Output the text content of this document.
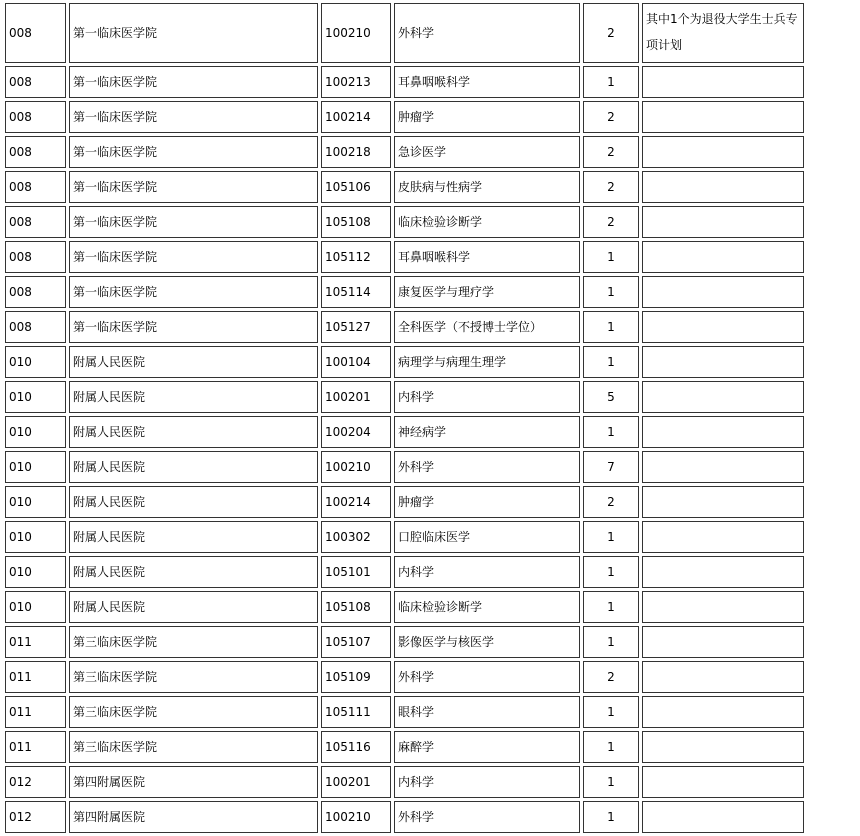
008	第一临床医学院	100210	外科学	2	其中1个为退役大学生士兵专项计划
008	第一临床医学院	100213	耳鼻咽喉科学	1	
008	第一临床医学院	100214	肿瘤学	2	
008	第一临床医学院	100218	急诊医学	2	
008	第一临床医学院	105106	皮肤病与性病学	2	
008	第一临床医学院	105108	临床检验诊断学	2	
008	第一临床医学院	105112	耳鼻咽喉科学	1	
008	第一临床医学院	105114	康复医学与理疗学	1	
008	第一临床医学院	105127	全科医学（不授博士学位）	1	
010	附属人民医院	100104	病理学与病理生理学	1	
010	附属人民医院	100201	内科学	5	
010	附属人民医院	100204	神经病学	1	
010	附属人民医院	100210	外科学	7	
010	附属人民医院	100214	肿瘤学	2	
010	附属人民医院	100302	口腔临床医学	1	
010	附属人民医院	105101	内科学	1	
010	附属人民医院	105108	临床检验诊断学	1	
011	第三临床医学院	105107	影像医学与核医学	1	
011	第三临床医学院	105109	外科学	2	
011	第三临床医学院	105111	眼科学	1	
011	第三临床医学院	105116	麻醉学	1	
012	第四附属医院	100201	内科学	1	
012	第四附属医院	100210	外科学	1	
